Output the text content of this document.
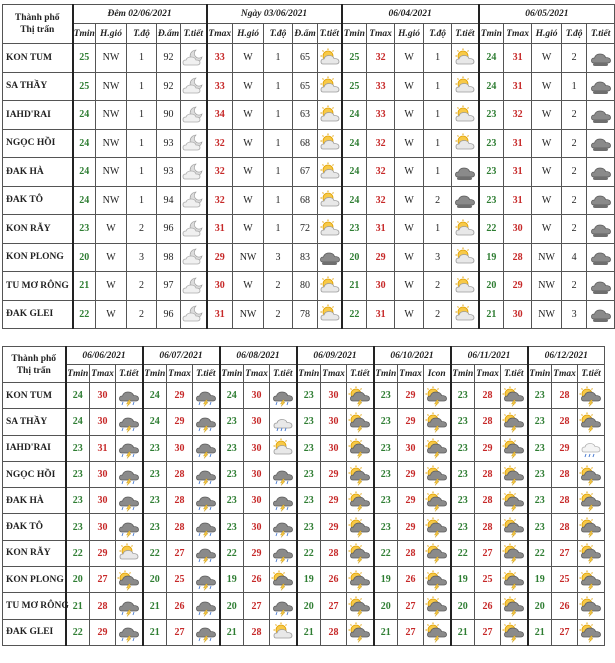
Thành phố
Thị trấn	Đêm 02/06/2021					Ngày 03/06/2021					06/04/2021					06/05/2021				
	Tmin	H.gió	T.độ	Đ.ẩm	T.tiết	Tmax	H.gió	T.độ	Đ.ẩm	T.tiết	Tmin	Tmax	H.gió	T.độ	T.tiết	Tmin	Tmax	H.gió	T.độ	T.tiết
KON TUM	25	NW	1	92		33	W	1	65		25	32	W	1		24	31	W	2	

SA THẦY	25	NW	1	92		33	W	1	65		25	33	W	1		24	31	W	1	

IAHD'RAI	24	NW	1	90		34	W	1	63		24	33	W	1		23	32	W	2	

NGỌC HỒI	24	NW	1	93		32	W	1	68		24	32	W	1		23	31	W	2	

ĐAK HÀ	24	NW	1	93		32	W	1	67		24	32	W	1		23	31	W	2	

ĐAK TÔ	24	NW	1	94		32	W	1	68		24	32	W	2		23	31	W	2	

KON RẪY	23	W	2	96		31	W	1	72		23	31	W	1		22	30	W	2	

KON PLONG	20	W	3	98		29	NW	3	83		20	29	W	3		19	28	NW	4	

TU MƠ RÔNG	21	W	2	97		30	W	2	80		21	30	W	2		20	29	NW	2	

ĐAK GLEI	22	W	2	96		31	NW	2	78		22	31	W	2		21	30	NW	3	
Thành phố
Thị trấn	06/06/2021			06/07/2021			06/08/2021			06/09/2021			06/10/2021			06/11/2021			06/12/2021		
	Tmin	Tmax	T.tiết	Tmin	Tmax	T.tiết	Tmin	Tmax	T.tiết	Tmin	Tmax	T.tiết	Tmin	Tmax	Icon	Tmin	Tmax	T.tiết	Tmin	Tmax	T.tiết
KON TUM	24	30		24	29		24	30		23	30		23	29		23	28		23	28	

SA THẦY	24	30		24	29		23	30		23	30		23	29		23	28		23	28	

IAHD'RAI	23	31		23	30		23	30		23	30		23	30		23	29		23	29	

NGỌC HỒI	23	30		23	28		23	30		23	29		23	29		23	28		23	28	

ĐAK HÀ	23	30		23	28		23	30		23	29		23	29		23	28		23	28	

ĐAK TÔ	23	30		23	28		23	30		23	29		23	29		23	28		23	28	

KON RẪY	22	29		22	27		22	29		22	28		22	28		22	27		22	27	

KON PLONG	20	27		20	25		19	26		19	26		19	26		19	25		19	25	

TU MƠ RÔNG	21	28		21	26		20	27		20	27		20	27		20	26		20	26	

ĐAK GLEI	22	29		21	27		21	28		21	28		21	27		21	27		21	27	
